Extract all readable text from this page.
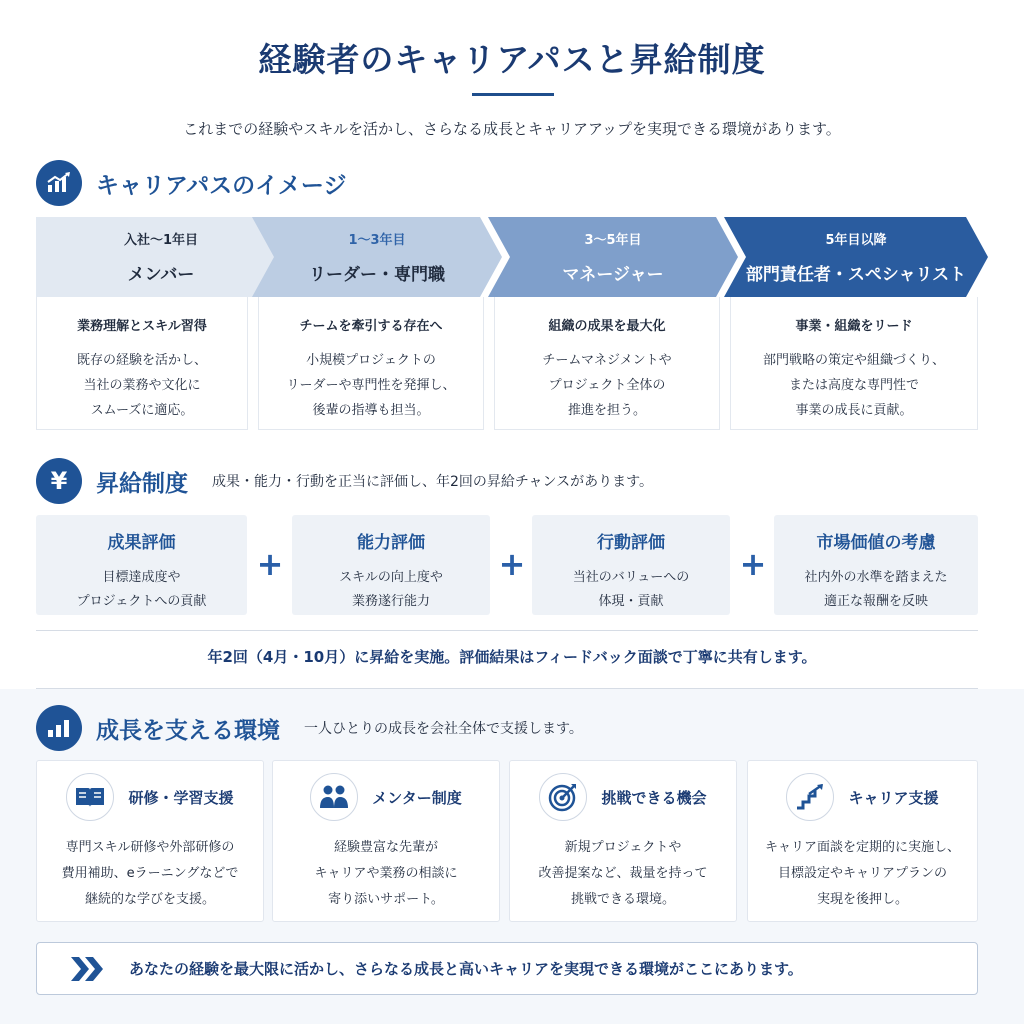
経験者のキャリアパスと昇給制度

これまでの経験やスキルを活かし、さらなる成長とキャリアアップを実現できる環境があります。

キャリアパスのイメージ
入社〜1年目
メンバー

業務理解とスキル習得

既存の経験を活かし、
当社の業務や文化に
スムーズに適応。
1〜3年目
リーダー・専門職

チームを牽引する存在へ

小規模プロジェクトの
リーダーや専門性を発揮し、
後輩の指導も担当。
3〜5年目
マネージャー

組織の成果を最大化

チームマネジメントや
プロジェクト全体の
推進を担う。
5年目以降
部門責任者・スペシャリスト

事業・組織をリード

部門戦略の策定や組織づくり、
または高度な専門性で
事業の成長に貢献。
¥	昇給制度 成果・能力・行動を正当に評価し、年2回の昇給チャンスがあります。

成果評価

目標達成度や
プロジェクトへの貢献

能力評価

スキルの向上度や
業務遂行能力

行動評価

当社のバリューへの
体現・貢献

市場価値の考慮

社内外の水準を踏まえた
適正な報酬を反映
+	+	+

年2回（4月・10月）に昇給を実施。評価結果はフィードバック面談で丁寧に共有します。

成長を支える環境 一人ひとりの成長を会社全体で支援します。

研修・学習支援
専門スキル研修や外部研修の
費用補助、eラーニングなどで
継続的な学びを支援。
メンター制度
経験豊富な先輩が
キャリアや業務の相談に
寄り添いサポート。
挑戦できる機会
新規プロジェクトや
改善提案など、裁量を持って
挑戦できる環境。
キャリア支援
キャリア面談を定期的に実施し、
目標設定やキャリアプランの
実現を後押し。

あなたの経験を最大限に活かし、さらなる成長と高いキャリアを実現できる環境がここにあります。
